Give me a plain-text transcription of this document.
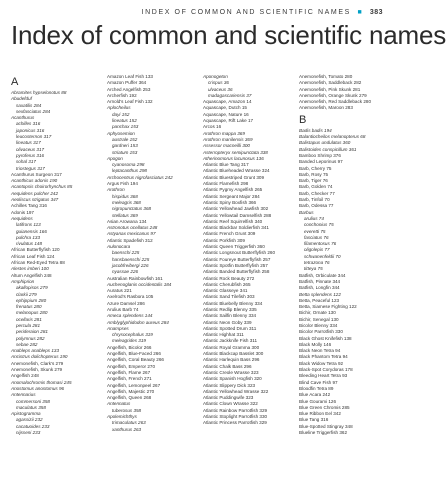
INDEX OF COMMON AND SCIENTIFIC NAMES ■ 383
Index of common and scientific names
A
Abramites hypselonotus 88
Abudefduf
saxatilis 284
sexfasciatus 284
Acanthurus
achilles 316
japonicus 316
leucosternon 317
lineatus 317
olivaceus 317
pyroferus 316
sohal 317
triostegus 317
Acanthurus Surgeon 317
Acanthicus adonis 190
Acantopsis choirorhynchus 85
Aequidens pulcher 242
Aeoliscus strigatus 347
Achilles Tang 316
Adonis 197
Aequidens
latifrons 113
guianensis 166
pulchra 133
rivulatus 148
African Butterflyfish 120
African Leaf Fish 124
African Red-Eyed Tetra 88
Alestes imberi 100
Altum Angelfish 248
Amphiprion
akallopisos 279
clarkii 279
ephippium 280
frenatus 280
melanopus 280
ocellaris 281
percula 281
perideraion 281
polymnus 282
sebae 282
Anableps anableps 133
Ancistrus dolichopterus 190
Anemonefish, Clark's 279
Anemonefish, Skunk 279
Angelfish 248
Anomalochromis thomasi 245
Anostomus anostomus 96
Antennarius
commersoni 358
maculatus 358
Apistogramma
agassizii 232
cacatuoides 233
nijsseni 233
Amazon Leaf Fish 133
Amazon Puffer 364
Arched Angelfish 253
Archerfish 192
Arnold's Leaf Fish 132
Aplocheilus
dayi 152
lineatus 152
panchax 153
Aphyosemion
australe 152
gardneri 153
striatum 153
Apogon
cyanosoma 298
leptacanthus 298
Archocentrus nigrofasciatus 242
Argus Fish 194
Arothron
hispidus 368
meleagris 368
nigropunctatus 368
stellatus 369
Asian Arowana 134
Astronotus ocellatus 248
Astyanax mexicanus 97
Atlantic Spadefish 312
Aulonocara
baenschi 225
hansbaenschi 225
jacobfreibergi 226
nyassae 226
Australian Rainbowfish 161
Auchenoglanis occidentalis 184
Auratus 221
Axelrod's Rasbora 105
Azure Damsel 286
Arulius Barb 74
Ameca splendens 144
Amblyglyphidodon aureus 284
Anampses
chrysocephalus 319
meleagrides 319
Angelfish, Bicolor 266
Angelfish, Blue-Faced 266
Angelfish, Coral Beauty 266
Angelfish, Emperor 270
Angelfish, Flame 267
Angelfish, French 271
Angelfish, Lemonpeel 267
Angelfish, Majestic 270
Angelfish, Queen 268
Antennatus
tuberosus 358
Apolemichthys
trimaculatus 263
xanthurus 263
Aponogeton
crispus 36
ulvaceus 36
madagascariensis 37
Aquascape, Amazon 14
Aquascape, Dutch 15
Aquascape, Nature 16
Aquascape, Rift Lake 17
Arcos 16
Arothron mappa 369
Arothron manilensis 369
Assessor macneilli 300
Asterropteryx semipunctata 338
Atherinomorus lacunosus 136
Atlantic Blue Tang 317
Atlantic Blueheaded Wrasse 324
Atlantic Bluestriped Grunt 309
Atlantic Flamefish 298
Atlantic Pygmy Angelfish 265
Atlantic Sergeant Major 284
Atlantic Spiny Boxfish 366
Atlantic Yellowhead Jawfish 302
Atlantic Yellowtail Damselfish 288
Atlantic Reef Squirrelfish 340
Atlantic Blackbar Soldierfish 341
Atlantic French Grunt 309
Atlantic Porkfish 309
Atlantic Queen Triggerfish 360
Atlantic Longsnout Butterflyfish 260
Atlantic Foureye Butterflyfish 257
Atlantic Spotfin Butterflyfish 257
Atlantic Banded Butterflyfish 258
Atlantic Rock Beauty 272
Atlantic Cherubfish 265
Atlantic Glasseye 341
Atlantic Sand Tilefish 303
Atlantic Bluebelly Blenny 334
Atlantic Redlip Blenny 335
Atlantic Sailfin Blenny 334
Atlantic Neon Goby 339
Atlantic Spotted Drum 311
Atlantic Highhat 311
Atlantic Jackknife Fish 311
Atlantic Royal Gramma 300
Atlantic Blackcap Basslet 300
Atlantic Harlequin Bass 296
Atlantic Chalk Bass 296
Atlantic Creole Wrasse 323
Atlantic Spanish Hogfish 320
Atlantic Slippery Dick 323
Atlantic Yellowhead Wrasse 322
Atlantic Puddingwife 323
Atlantic Clown Wrasse 322
Atlantic Rainbow Parrotfish 329
Atlantic Stoplight Parrotfish 330
Atlantic Princess Parrotfish 329
Anemonefish, Tomato 280
Anemonefish, Saddleback 282
Anemonefish, Pink Skunk 281
Anemonefish, Orange Skunk 279
Anemonefish, Red Saddleback 280
Anemonefish, Maroon 283
B
Badis badis 194
Balantiocheilos melanopterus 68
Balistapus undulatus 360
Balistoides conspicillum 361
Bamboo Shrimp 376
Banded Leporinus 97
Barb, Cherry 75
Barb, Rosy 75
Barb, Tiger 76
Barb, Golden 74
Barb, Checker 77
Barb, Tinfoil 70
Barb, Odessa 77
Barbus
arulius 74
conchonius 75
everetti 75
fasciatus 76
filamentosus 76
oligolepis 77
schwanenfeldii 70
tetrazona 76
titteya 75
Batfish, Orbiculate 344
Batfish, Pinnate 344
Batfish, Longfin 344
Betta splendens 122
Betta, Peaceful 123
Betta, Siamese Fighting 122
Bichir, Ornate 130
Bichir, Senegal 130
Bicolor Blenny 334
Bicolor Parrotfish 330
Black Ghost Knifefish 138
Black Molly 146
Black Neon Tetra 94
Black Phantom Tetra 94
Black Widow Tetra 92
Black-Spot Corydoras 178
Bleeding Heart Tetra 93
Blind Cave Fish 97
Bloodfin Tetra 89
Blue Acara 242
Blue Gourami 126
Blue Green Chromis 285
Blue Ribbon Eel 342
Blue Tang 316
Blue-Spotted Stingray 348
Blueline Triggerfish 362
